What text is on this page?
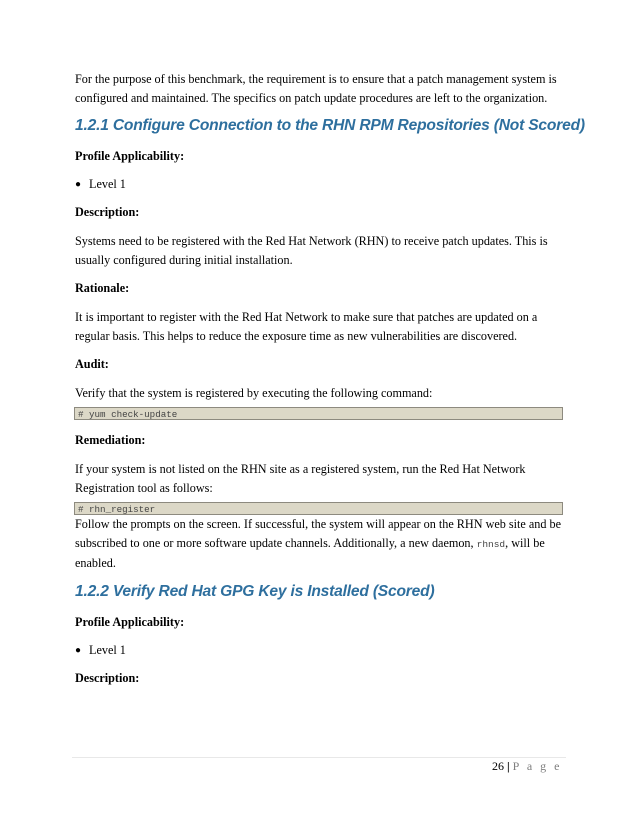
For the purpose of this benchmark, the requirement is to ensure that a patch management system is configured and maintained. The specifics on patch update procedures are left to the organization.

1.2.1 Configure Connection to the RHN RPM Repositories (Not Scored)
Profile Applicability:
● Level 1
Description:

Systems need to be registered with the Red Hat Network (RHN) to receive patch updates. This is usually configured during initial installation.

Rationale:

It is important to register with the Red Hat Network to make sure that patches are updated on a regular basis. This helps to reduce the exposure time as new vulnerabilities are discovered.

Audit:

Verify that the system is registered by executing the following command:

# yum check-update
Remediation:

If your system is not listed on the RHN site as a registered system, run the Red Hat Network Registration tool as follows:

# rhn_register

Follow the prompts on the screen. If successful, the system will appear on the RHN web site and be subscribed to one or more software update channels. Additionally, a new daemon, rhnsd, will be enabled.

1.2.2 Verify Red Hat GPG Key is Installed (Scored)
Profile Applicability:
● Level 1
Description:
26 | P a g e
